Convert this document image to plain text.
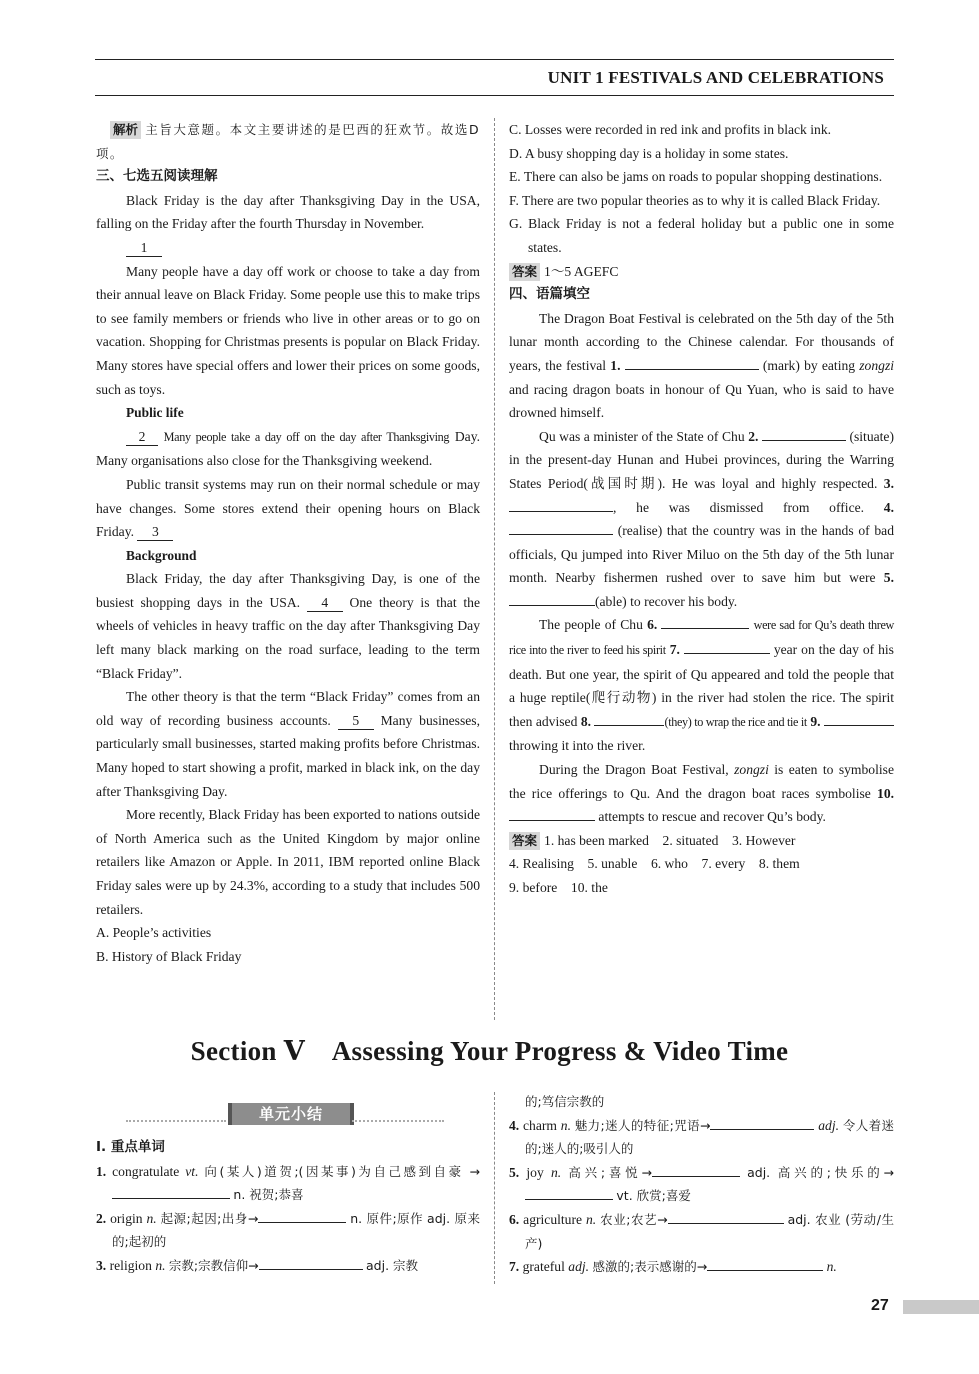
UNIT 1 FESTIVALS AND CELEBRATIONS

解析 主旨大意题。本文主要讲述的是巴西的狂欢节。故选D项。

三、七选五阅读理解

Black Friday is the day after Thanksgiving Day in the USA, falling on the Friday after the fourth Thursday in November.

1

Many people have a day off work or choose to take a day from their annual leave on Black Friday. Some people use this to make trips to see family members or friends who live in other areas or to go on vacation. Shopping for Christmas presents is popular on Black Friday. Many stores have special offers and lower their prices on some goods, such as toys.

Public life

2 Many people take a day off on the day after Thanksgiving Day. Many organisations also close for the Thanksgiving weekend.

Public transit systems may run on their normal schedule or may have changes. Some stores extend their opening hours on Black Friday. 3

Background

Black Friday, the day after Thanksgiving Day, is one of the busiest shopping days in the USA. 4 One theory is that the wheels of vehicles in heavy traffic on the day after Thanksgiving Day left many black marking on the road surface, leading to the term “Black Friday”.

The other theory is that the term “Black Friday” comes from an old way of recording business accounts. 5 Many businesses, particularly small businesses, started making profits before Christmas. Many hoped to start showing a profit, marked in black ink, on the day after Thanksgiving Day.

More recently, Black Friday has been exported to nations outside of North America such as the United Kingdom by major online retailers like Amazon or Apple. In 2011, IBM reported online Black Friday sales were up by 24.3%, according to a study that includes 500 retailers.

A. People’s activities

B. History of Black Friday

C. Losses were recorded in red ink and profits in black ink.

D. A busy shopping day is a holiday in some states.

E. There can also be jams on roads to popular shopping destinations.

F. There are two popular theories as to why it is called Black Friday.

G. Black Friday is not a federal holiday but a public one in some states.

答案 1～5 AGEFC

四、语篇填空

The Dragon Boat Festival is celebrated on the 5th day of the 5th lunar month according to the Chinese calendar. For thousands of years, the festival 1.	(mark) by eating zongzi and racing dragon boats in honour of Qu Yuan, who is said to have drowned himself.

Qu was a minister of the State of Chu 2.	(situate) in the present-day Hunan and Hubei provinces, during the Warring States Period(战国时期). He was loyal and highly respected. 3. , he was dismissed from office. 4.  (realise) that the country was in the hands of bad officials, Qu jumped into River Miluo on the 5th day of the 5th lunar month. Nearby fishermen rushed over to save him but were 5. (able) to recover his body.

The people of Chu 6.	were sad for Qu’s death threw rice into the river to feed his spirit 7.	year on the day of his death. But one year, the spirit of Qu appeared and told the people that a huge reptile(爬行动物) in the river had stolen the rice. The spirit then advised 8.	(they) to wrap the rice and tie it 9.  throwing it into the river.

During the Dragon Boat Festival, zongzi is eaten to symbolise the rice offerings to Qu. And the dragon boat races symbolise 10.  attempts to rescue and recover Qu’s body.

答案 1. has been marked    2. situated    3. However

4. Realising    5. unable    6. who    7. every    8. them

9. before    10. the

Section Ⅴ    Assessing Your Progress & Video Time
单元小结

Ⅰ. 重点单词

1. congratulate vt. 向(某人)道贺;(因某事)为自己感到自豪 → n. 祝贺;恭喜

2. origin n. 起源;起因;出身→	n. 原件;原作 adj. 原来的;起初的

3. religion n. 宗教;宗教信仰→	adj. 宗教

的;笃信宗教的

4. charm n. 魅力;迷人的特征;咒语→	adj. 令人着迷的;迷人的;吸引人的

5. joy n. 高兴;喜悦→	adj. 高兴的;快乐的→  vt. 欣赏;喜爱

6. agriculture n. 农业;农艺→	adj. 农业 (劳动/生产)

7. grateful adj. 感激的;表示感谢的→	n.

27
